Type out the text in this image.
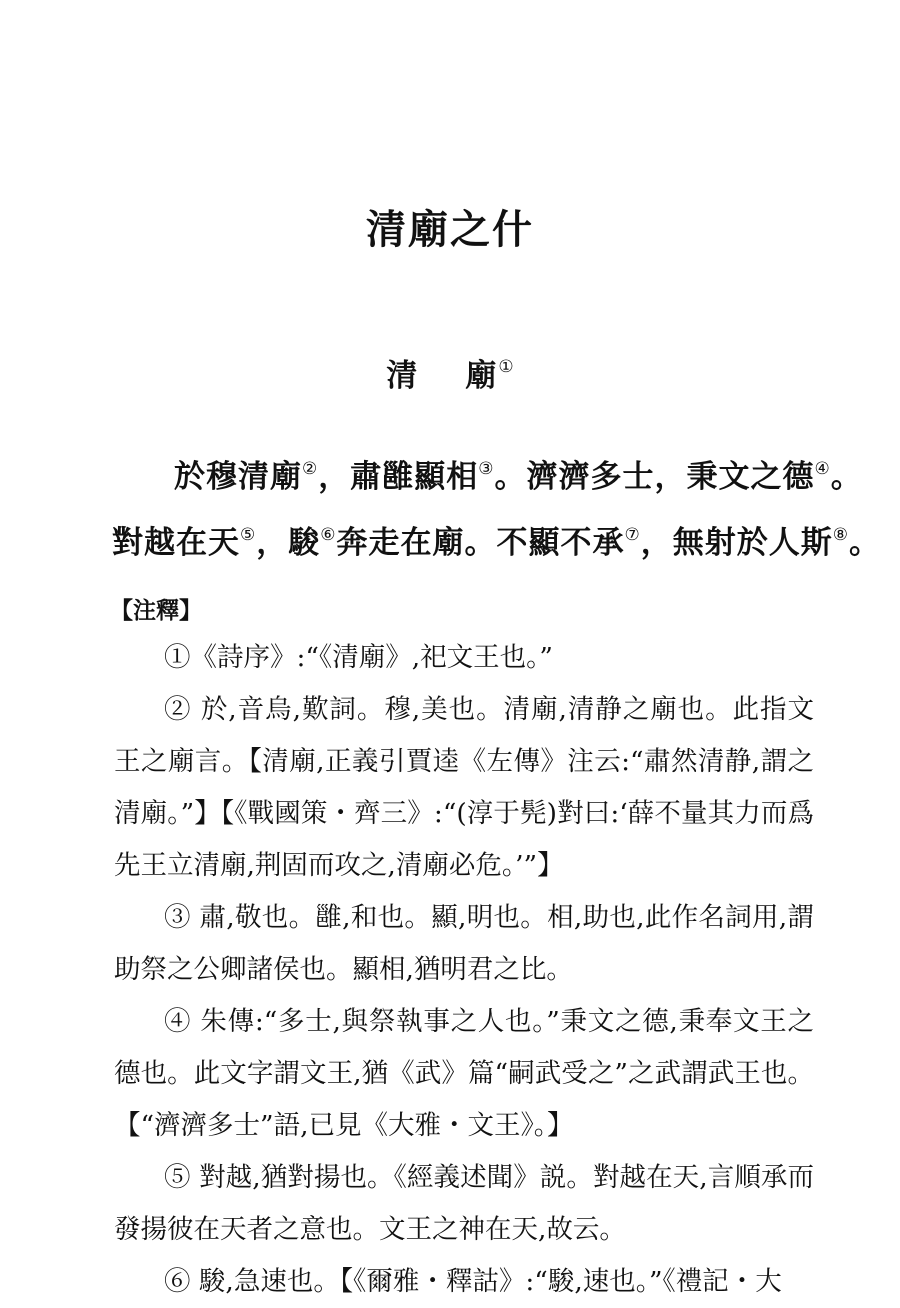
清廟之什
清 廟 ①
於穆清廟②，肅雝顯相③。濟濟多士，秉文之德④。
對越在天⑤，駿⑥奔走在廟。不顯不承⑦，無射於人斯⑧。
【注釋】

①《詩序》:“《清廟》,祀文王也。”

② 於,音烏,歎詞。穆,美也。清廟,清静之廟也。此指文王之廟言。【清廟,正義引賈逵《左傳》注云:“肅然清静,謂之清廟。”】【《戰國策・齊三》:“(淳于髡)對曰:‘薛不量其力而爲先王立清廟,荆固而攻之,清廟必危。’”】

③ 肅,敬也。雝,和也。顯,明也。相,助也,此作名詞用,謂助祭之公卿諸侯也。顯相,猶明君之比。

④ 朱傳:“多士,與祭執事之人也。”秉文之德,秉奉文王之德也。此文字謂文王,猶《武》篇“嗣武受之”之武謂武王也。【“濟濟多士”語,已見《大雅・文王》。】

⑤ 對越,猶對揚也。《經義述聞》説。對越在天,言順承而發揚彼在天者之意也。文王之神在天,故云。

⑥ 駿,急速也。【《爾雅・釋詁》:“駿,速也。”《禮記・大
